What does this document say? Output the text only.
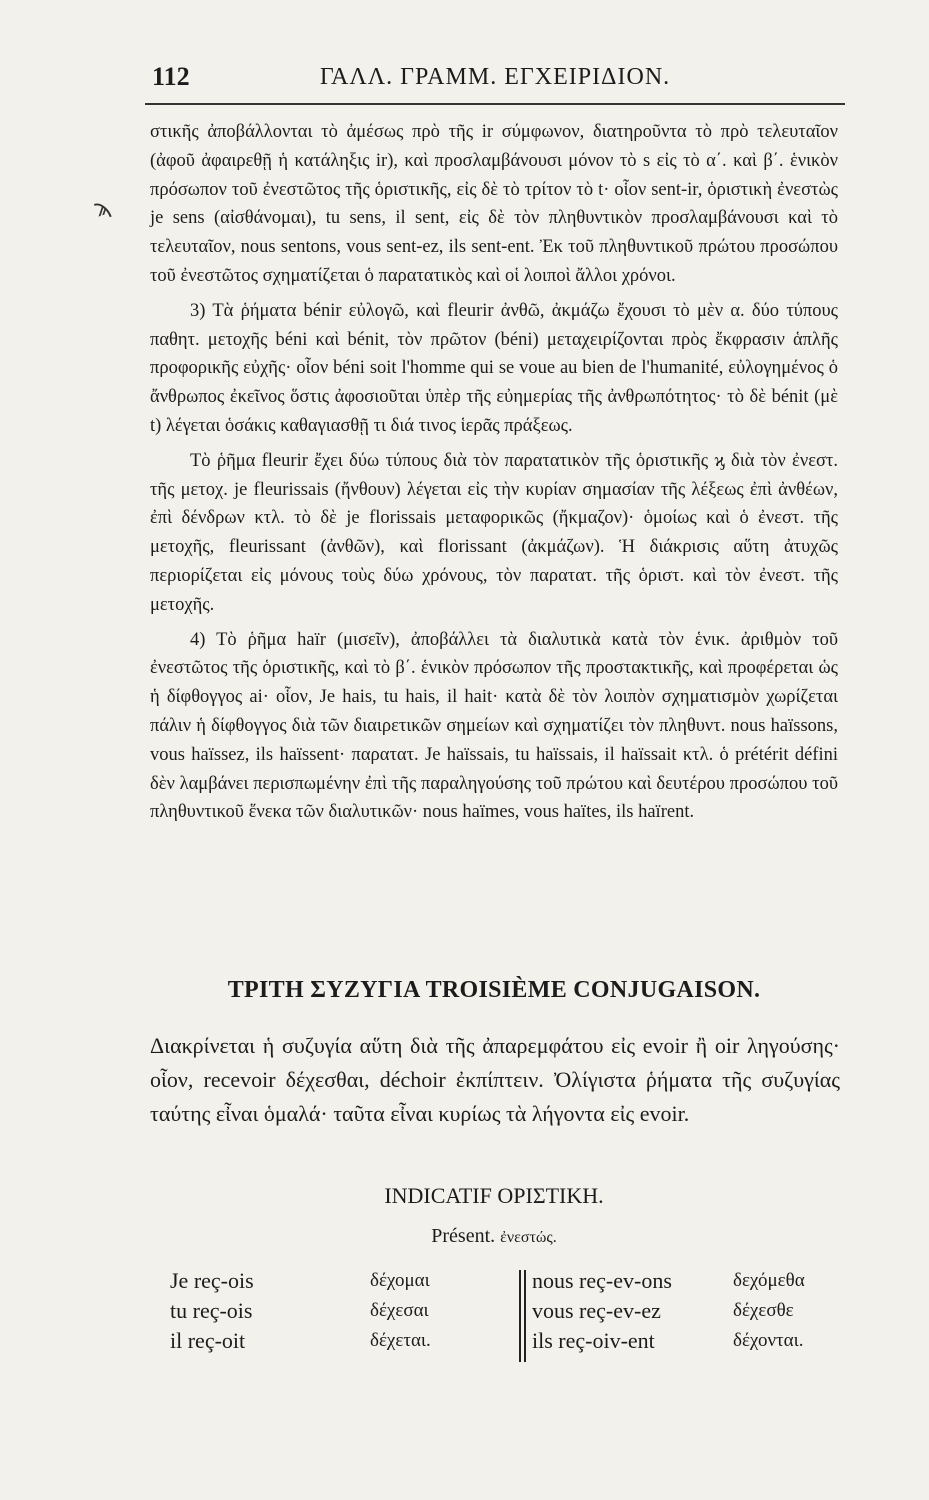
112	ΓΑΛΛ. ΓΡΑΜΜ. ΕΓΧΕΙΡΙΔΙΟΝ.
ϡ

στικῆς ἀποβάλλονται τὸ ἀμέσως πρὸ τῆς ir σύμφωνον, διατηροῦντα τὸ πρὸ τελευταῖον (ἀφοῦ ἀφαιρεθῇ ἡ κατάληξις ir), καὶ προσλαμβάνουσι μόνον τὸ s εἰς τὸ α΄. καὶ β΄. ἑνικὸν πρόσωπον τοῦ ἐνεστῶτος τῆς ὁριστικῆς, εἰς δὲ τὸ τρίτον τὸ t· οἷον sent-ir, ὁριστικὴ ἐνεστὼς je sens (αἰσθάνομαι), tu sens, il sent, εἰς δὲ τὸν πληθυντικὸν προσλαμβάνουσι καὶ τὸ τελευταῖον, nous sentons, vous sent-ez, ils sent-ent. Ἐκ τοῦ πληθυντικοῦ πρώτου προσώπου τοῦ ἐνεστῶτος σχηματίζεται ὁ παρατατικὸς καὶ οἱ λοιποὶ ἄλλοι χρόνοι.

3) Τὰ ῥήματα bénir εὐλογῶ, καὶ fleurir ἀνθῶ, ἀκμάζω ἔχουσι τὸ μὲν α. δύο τύπους παθητ. μετοχῆς béni καὶ bénit, τὸν πρῶτον (béni) μεταχειρίζονται πρὸς ἔκφρασιν ἁπλῆς προφορικῆς εὐχῆς· οἷον béni soit l'homme qui se voue au bien de l'humanité, εὐλογημένος ὁ ἄνθρωπος ἐκεῖνος ὅστις ἀφοσιοῦται ὑπὲρ τῆς εὐημερίας τῆς ἀνθρωπότητος· τὸ δὲ bénit (μὲ t) λέγεται ὁσάκις καθαγιασθῇ τι διά τινος ἱερᾶς πράξεως.

Τὸ ῥῆμα fleurir ἔχει δύω τύπους διὰ τὸν παρατατικὸν τῆς ὁριστικῆς ϗ διὰ τὸν ἐνεστ. τῆς μετοχ. je fleurissais (ἤνθουν) λέγεται εἰς τὴν κυρίαν σημασίαν τῆς λέξεως ἐπὶ ἀνθέων, ἐπὶ δένδρων κτλ. τὸ δὲ je florissais μεταφορικῶς (ἤκμαζον)· ὁμοίως καὶ ὁ ἐνεστ. τῆς μετοχῆς, fleurissant (ἀνθῶν), καὶ florissant (ἀκμάζων). Ἡ διάκρισις αὕτη ἀτυχῶς περιορίζεται εἰς μόνους τοὺς δύω χρόνους, τὸν παρατατ. τῆς ὁριστ. καὶ τὸν ἐνεστ. τῆς μετοχῆς.

4) Τὸ ῥῆμα haïr (μισεῖν), ἀποβάλλει τὰ διαλυτικὰ κατὰ τὸν ἑνικ. ἀριθμὸν τοῦ ἐνεστῶτος τῆς ὁριστικῆς, καὶ τὸ β΄. ἑνικὸν πρόσωπον τῆς προστακτικῆς, καὶ προφέρεται ὡς ἡ δίφθογγος ai· οἷον, Je hais, tu hais, il hait· κατὰ δὲ τὸν λοιπὸν σχηματισμὸν χωρίζεται πάλιν ἡ δίφθογγος διὰ τῶν διαιρετικῶν σημείων καὶ σχηματίζει τὸν πληθυντ. nous haïssons, vous haïssez, ils haïssent· παρατατ. Je haïssais, tu haïssais, il haïssait κτλ. ὁ prétérit défini δὲν λαμβάνει περισπωμένην ἐπὶ τῆς παραληγούσης τοῦ πρώτου καὶ δευτέρου προσώπου τοῦ πληθυντικοῦ ἕνεκα τῶν διαλυτικῶν· nous haïmes, vous haïtes, ils haïrent.

ΤΡΙΤΗ ΣΥΖΥΓΙΑ TROISIÈME CONJUGAISON.

Διακρίνεται ἡ συζυγία αὕτη διὰ τῆς ἀπαρεμφάτου εἰς evoir ἢ oir ληγούσης· οἷον, recevoir δέχεσθαι, déchoir ἐκπίπτειν. Ὀλίγιστα ῥήματα τῆς συζυγίας ταύτης εἶναι ὁμαλά· ταῦτα εἶναι κυρίως τὰ λήγοντα εἰς evoir.

INDICATIF ΟΡΙΣΤΙΚΗ.
Présent. ἐνεστώς.
Je reç-ois
tu reç-ois
il reç-oit
δέχομαι
δέχεσαι
δέχεται.
nous reç-ev-ons
vous reç-ev-ez
ils reç-oiv-ent
δεχόμεθα
δέχεσθε
δέχονται.
